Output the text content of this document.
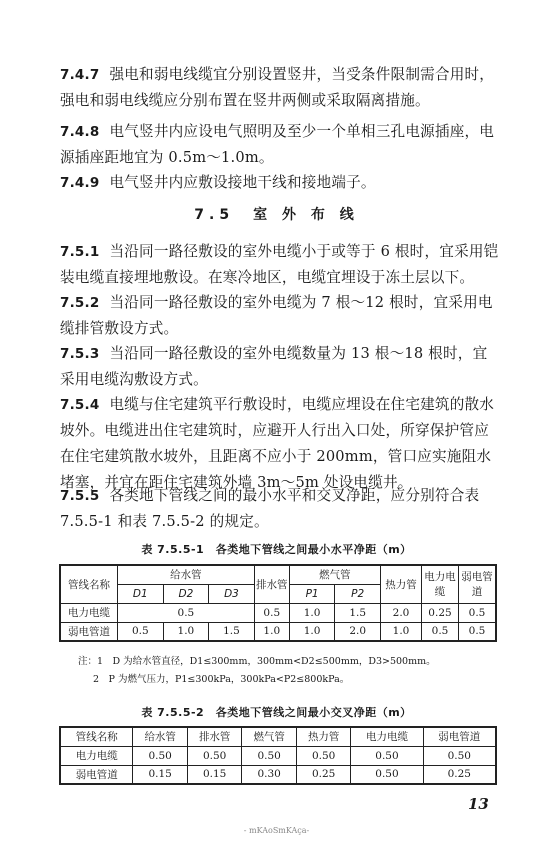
7.4.7 强电和弱电线缆宜分别设置竖井，当受条件限制需合用时，强电和弱电线缆应分别布置在竖井两侧或采取隔离措施。
7.4.8 电气竖井内应设电气照明及至少一个单相三孔电源插座，电源插座距地宜为 0.5m～1.0m。
7.4.9 电气竖井内应敷设接地干线和接地端子。
7.5　室 外 布 线
7.5.1 当沿同一路径敷设的室外电缆小于或等于 6 根时，宜采用铠装电缆直接埋地敷设。在寒冷地区，电缆宜埋设于冻土层以下。
7.5.2 当沿同一路径敷设的室外电缆为 7 根～12 根时，宜采用电缆排管敷设方式。
7.5.3 当沿同一路径敷设的室外电缆数量为 13 根～18 根时，宜采用电缆沟敷设方式。
7.5.4 电缆与住宅建筑平行敷设时，电缆应埋设在住宅建筑的散水坡外。电缆进出住宅建筑时，应避开人行出入口处，所穿保护管应在住宅建筑散水坡外，且距离不应小于 200mm，管口应实施阻水堵塞，并宜在距住宅建筑外墙 3m～5m 处设电缆井。
7.5.5 各类地下管线之间的最小水平和交叉净距，应分别符合表 7.5.5-1 和表 7.5.5-2 的规定。
表 7.5.5-1　各类地下管线之间最小水平净距（m）
管线名称	给水管			排水管	燃气管		热力管	电力电缆	弱电管道
	D1	D2	D3		P1	P2			
电力电缆	0.5			0.5	1.0	1.5	2.0	0.25	0.5
弱电管道	0.5	1.0	1.5	1.0	1.0	2.0	1.0	0.5	0.5
注：1　D 为给水管直径，D1≤300mm，300mm<D2≤500mm，D3>500mm。
2　P 为燃气压力，P1≤300kPa，300kPa<P2≤800kPa。
表 7.5.5-2　各类地下管线之间最小交叉净距（m）
管线名称	给水管	排水管	燃气管	热力管	电力电缆	弱电管道
电力电缆	0.50	0.50	0.50	0.50	0.50	0.50
弱电管道	0.15	0.15	0.30	0.25	0.50	0.25
13
- mKAoSmKAça-
